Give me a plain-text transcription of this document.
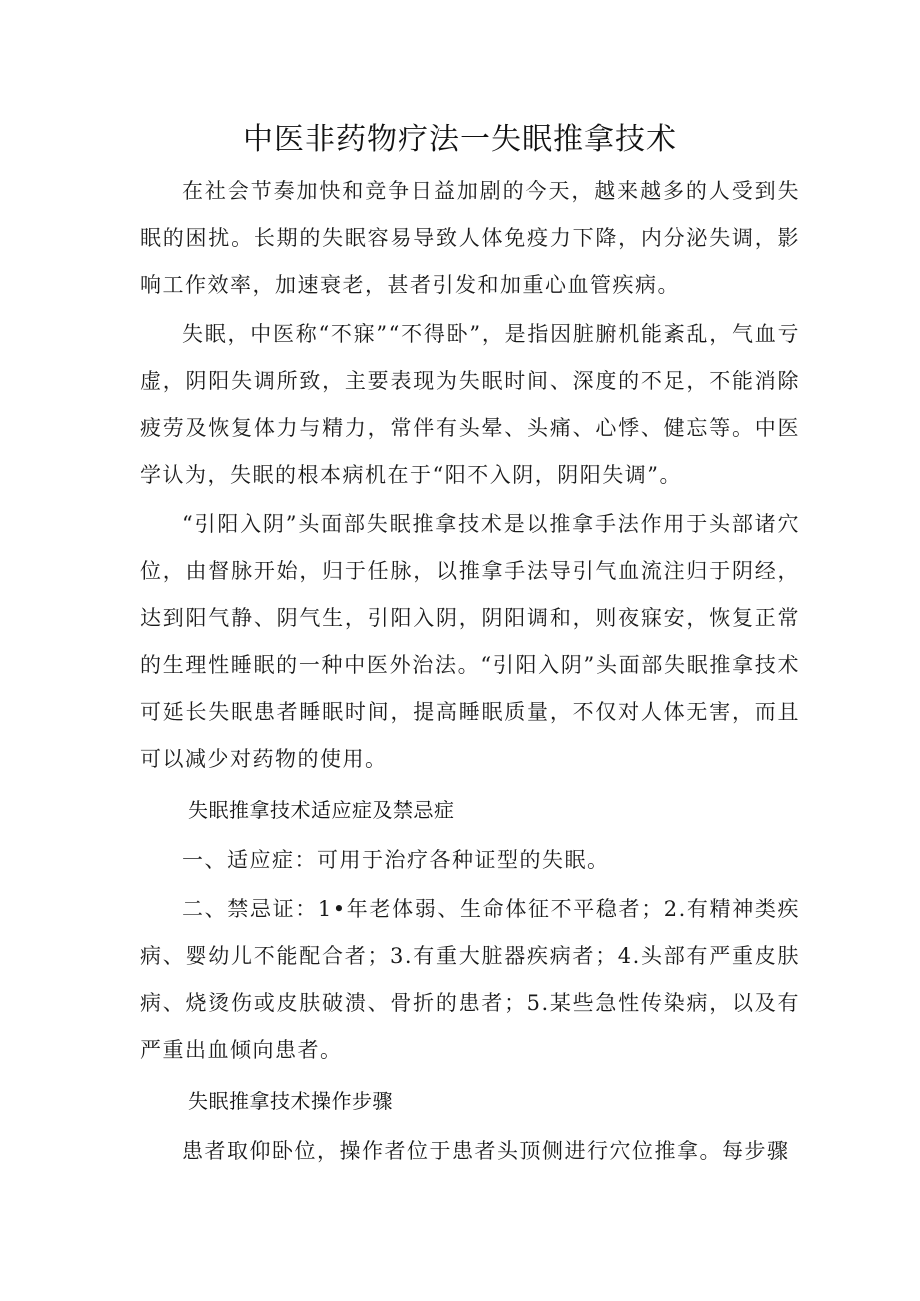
中医非药物疗法一失眠推拿技术

在社会节奏加快和竞争日益加剧的今天，越来越多的人受到失眠的困扰。长期的失眠容易导致人体免疫力下降，内分泌失调，影响工作效率，加速衰老，甚者引发和加重心血管疾病。

失眠，中医称“不寐”“不得卧”，是指因脏腑机能紊乱，气血亏虚，阴阳失调所致，主要表现为失眠时间、深度的不足，不能消除疲劳及恢复体力与精力，常伴有头晕、头痛、心悸、健忘等。中医学认为，失眠的根本病机在于“阳不入阴，阴阳失调”。

“引阳入阴”头面部失眠推拿技术是以推拿手法作用于头部诸穴位，由督脉开始，归于任脉，以推拿手法导引气血流注归于阴经，达到阳气静、阴气生，引阳入阴，阴阳调和，则夜寐安，恢复正常的生理性睡眠的一种中医外治法。“引阳入阴”头面部失眠推拿技术可延长失眠患者睡眠时间，提高睡眠质量，不仅对人体无害，而且可以减少对药物的使用。

失眠推拿技术适应症及禁忌症

一、适应症：可用于治疗各种证型的失眠。

二、禁忌证：1•年老体弱、生命体征不平稳者；2.有精神类疾病、婴幼儿不能配合者；3.有重大脏器疾病者；4.头部有严重皮肤病、烧烫伤或皮肤破溃、骨折的患者；5.某些急性传染病，以及有严重出血倾向患者。

失眠推拿技术操作步骤

患者取仰卧位，操作者位于患者头顶侧进行穴位推拿。每步骤
